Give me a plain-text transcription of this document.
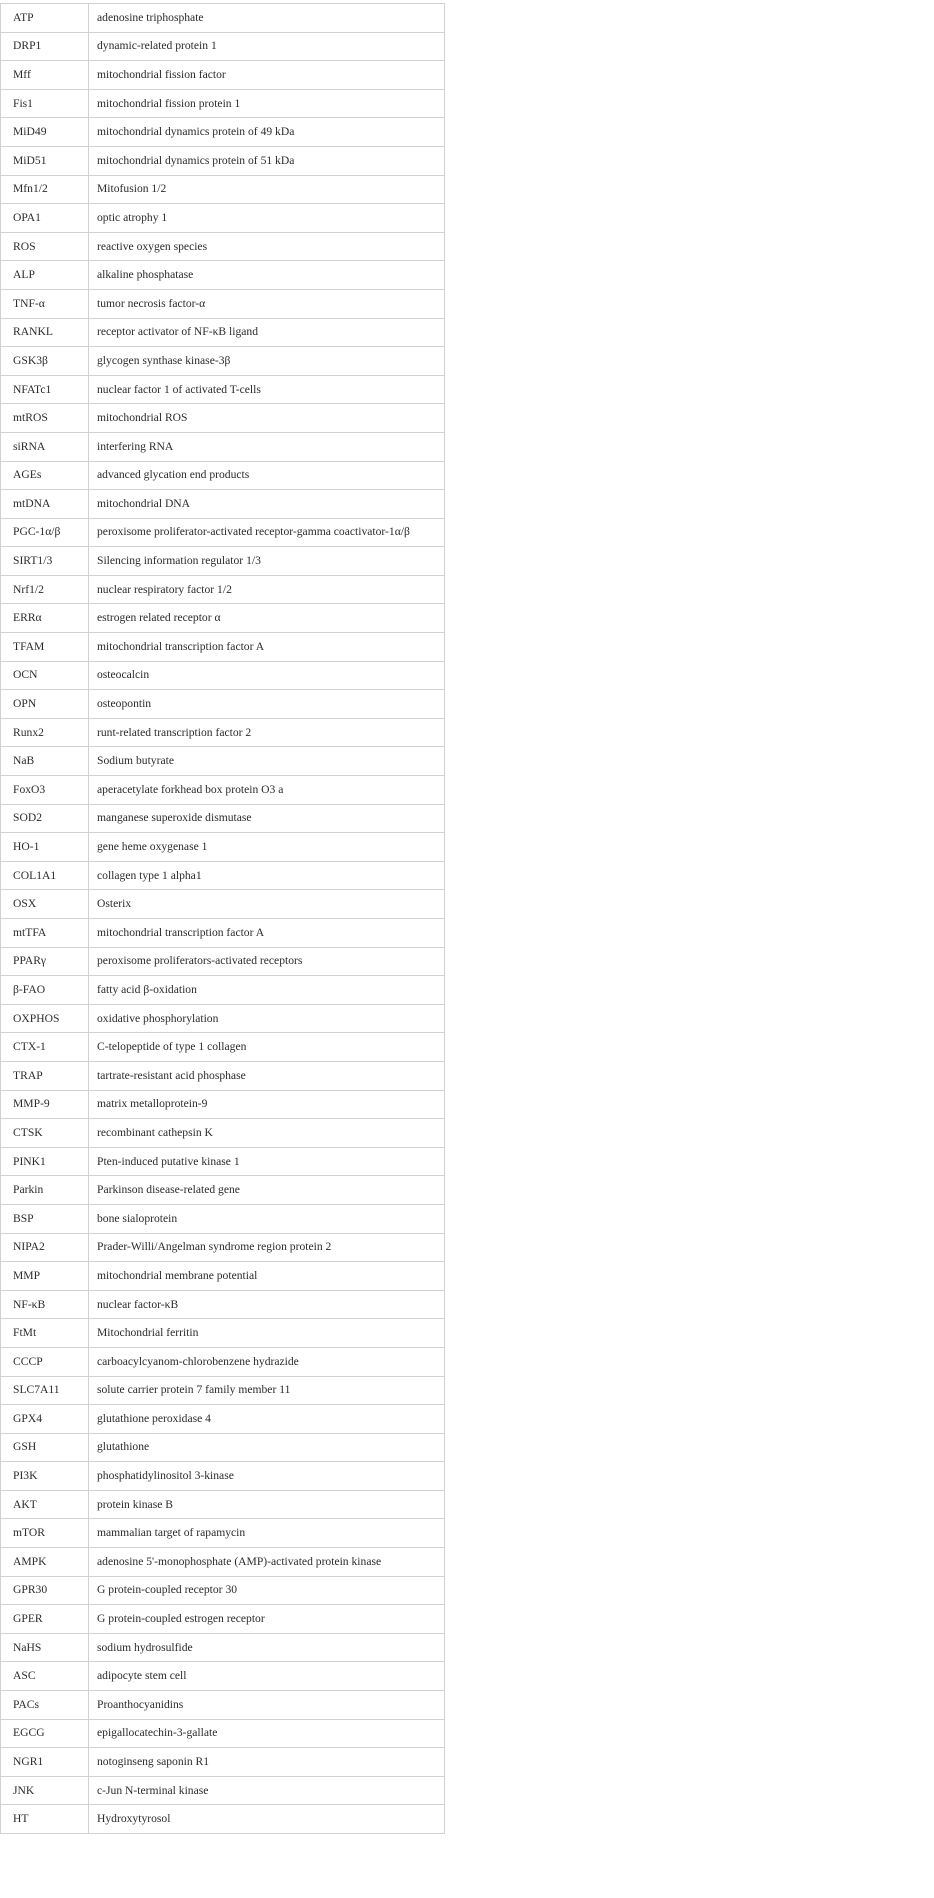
ATP	adenosine triphosphate
DRP1	dynamic-related protein 1
Mff	mitochondrial fission factor
Fis1	mitochondrial fission protein 1
MiD49	mitochondrial dynamics protein of 49 kDa
MiD51	mitochondrial dynamics protein of 51 kDa
Mfn1/2	Mitofusion 1/2
OPA1	optic atrophy 1
ROS	reactive oxygen species
ALP	alkaline phosphatase
TNF-α	tumor necrosis factor-α
RANKL	receptor activator of NF-κB ligand
GSK3β	glycogen synthase kinase-3β
NFATc1	nuclear factor 1 of activated T-cells
mtROS	mitochondrial ROS
siRNA	interfering RNA
AGEs	advanced glycation end products
mtDNA	mitochondrial DNA
PGC-1α/β	peroxisome proliferator-activated receptor-gamma coactivator-1α/β
SIRT1/3	Silencing information regulator 1/3
Nrf1/2	nuclear respiratory factor 1/2
ERRα	estrogen related receptor α
TFAM	mitochondrial transcription factor A
OCN	osteocalcin
OPN	osteopontin
Runx2	runt-related transcription factor 2
NaB	Sodium butyrate
FoxO3	aperacetylate forkhead box protein O3 a
SOD2	manganese superoxide dismutase
HO-1	gene heme oxygenase 1
COL1A1	collagen type 1 alpha1
OSX	Osterix
mtTFA	mitochondrial transcription factor A
PPARγ	peroxisome proliferators-activated receptors
β-FAO	fatty acid β-oxidation
OXPHOS	oxidative phosphorylation
CTX-1	C-telopeptide of type 1 collagen
TRAP	tartrate-resistant acid phosphase
MMP-9	matrix metalloprotein-9
CTSK	recombinant cathepsin K
PINK1	Pten-induced putative kinase 1
Parkin	Parkinson disease-related gene
BSP	bone sialoprotein
NIPA2	Prader-Willi/Angelman syndrome region protein 2
MMP	mitochondrial membrane potential
NF-κB	nuclear factor-κB
FtMt	Mitochondrial ferritin
CCCP	carboacylcyanom-chlorobenzene hydrazide
SLC7A11	solute carrier protein 7 family member 11
GPX4	glutathione peroxidase 4
GSH	glutathione
PI3K	phosphatidylinositol 3-kinase
AKT	protein kinase B
mTOR	mammalian target of rapamycin
AMPK	adenosine 5'-monophosphate (AMP)-activated protein kinase
GPR30	G protein-coupled receptor 30
GPER	G protein-coupled estrogen receptor
NaHS	sodium hydrosulfide
ASC	adipocyte stem cell
PACs	Proanthocyanidins
EGCG	epigallocatechin-3-gallate
NGR1	notoginseng saponin R1
JNK	c-Jun N-terminal kinase
HT	Hydroxytyrosol
